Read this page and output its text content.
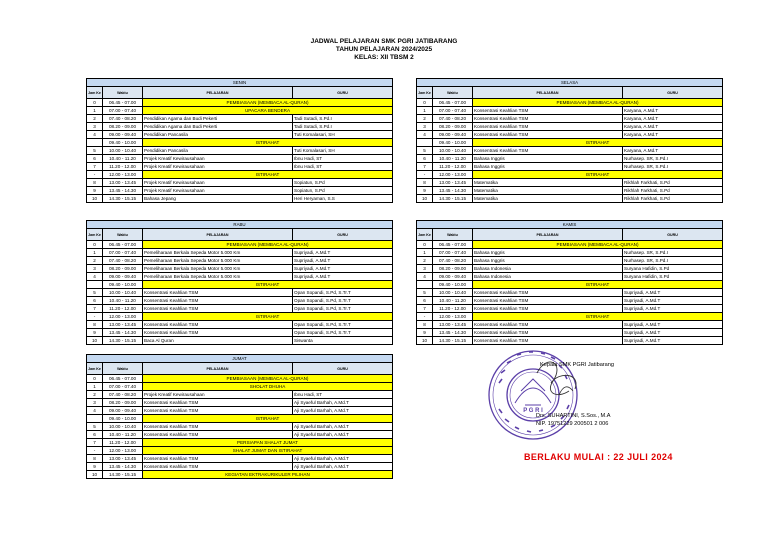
JADWAL PELAJARAN SMK PGRI JATIBARANG
TAHUN PELAJARAN 2024/2025
KELAS: XII TBSM 2
SENIN			
Jam Ke	Waktu	PELAJARAN	GURU
0	06.45 - 07.00	PEMBIASAAN (MEMBACA AL-QURAN)	
1	07.00 - 07.40	UPACARA BENDERA	
2	07.40 - 08.20	Pendidikan Agama dan Budi Pekerti	Tadi Sutadi, S.Pd.I
3	08.20 - 09.00	Pendidikan Agama dan Budi Pekerti	Tadi Sutadi, S.Pd.I
4	09.00 - 09.40	Pendidikan Pancasila	Tuti Komalasari, SH
	09.40 - 10.00	ISTIRAHAT	
5	10.00 - 10.40	Pendidikan Pancasila	Tuti Komalasari, SH
6	10.40 - 11.20	Projek Kreatif Kewirausahaan	Ibnu Hadi, ST
7	11.20 - 12.00	Projek Kreatif Kewirausahaan	Ibnu Hadi, ST
-	12.00 - 13.00	ISTIRAHAT	
8	13.00 - 13.45	Projek Kreatif Kewirausahaan	Sopiatun, S.Pd
9	13.45 - 14.30	Projek Kreatif Kewirausahaan	Sopiatun, S.Pd
10	14.30 - 15.15	Bahasa Jepang	Heri Heryaman, S.S
SELASA			
Jam Ke	Waktu	PELAJARAN	GURU
0	06.45 - 07.00	PEMBIASAAN (MEMBACA AL-QURAN)	
1	07.00 - 07.40	Konsentrasi Keahlian TSM	Karyana, A.Md.T
2	07.40 - 08.20	Konsentrasi Keahlian TSM	Karyana, A.Md.T
3	08.20 - 09.00	Konsentrasi Keahlian TSM	Karyana, A.Md.T
4	09.00 - 09.40	Konsentrasi Keahlian TSM	Karyana, A.Md.T
	09.40 - 10.00	ISTIRAHAT	
5	10.00 - 10.40	Konsentrasi Keahlian TSM	Karyana, A.Md.T
6	10.40 - 11.20	Bahasa Inggris	Nurhasep. SR, S.Pd.I
7	11.20 - 12.00	Bahasa Inggris	Nurhasep. SR, S.Pd.I
-	12.00 - 13.00	ISTIRAHAT	
8	13.00 - 13.45	Matematika	Rikhlah Farkhati, S.Pd
9	13.45 - 14.30	Matematika	Rikhlah Farkhati, S.Pd
10	14.30 - 15.15	Matematika	Rikhlah Farkhati, S.Pd
RABU			
Jam Ke	Waktu	PELAJARAN	GURU
0	06.45 - 07.00	PEMBIASAAN (MEMBACA AL-QURAN)	
1	07.00 - 07.40	Pemeliharaan Berkala Sepeda Motor 5.000 Km	Supriyadi, A.Md.T
2	07.40 - 08.20	Pemeliharaan Berkala Sepeda Motor 5.000 Km	Supriyadi, A.Md.T
3	08.20 - 09.00	Pemeliharaan Berkala Sepeda Motor 5.000 Km	Supriyadi, A.Md.T
4	09.00 - 09.40	Pemeliharaan Berkala Sepeda Motor 5.000 Km	Supriyadi, A.Md.T
	09.40 - 10.00	ISTIRAHAT	
5	10.00 - 10.40	Konsentrasi Keahlian TSM	Opan Sopandi, S.Pd, S.Tr.T
6	10.40 - 11.20	Konsentrasi Keahlian TSM	Opan Sopandi, S.Pd, S.Tr.T
7	11.20 - 12.00	Konsentrasi Keahlian TSM	Opan Sopandi, S.Pd, S.Tr.T
-	12.00 - 13.00	ISTIRAHAT	
8	13.00 - 13.45	Konsentrasi Keahlian TSM	Opan Sopandi, S.Pd, S.Tr.T
9	13.45 - 14.30	Konsentrasi Keahlian TSM	Opan Sopandi, S.Pd, S.Tr.T
10	14.30 - 15.15	Baca Al Quran	Siswanta
KAMIS			
Jam Ke	Waktu	PELAJARAN	GURU
0	06.45 - 07.00	PEMBIASAAN (MEMBACA AL-QURAN)	
1	07.00 - 07.40	Bahasa Inggris	Nurhasep. SR, S.Pd.I
2	07.40 - 08.20	Bahasa Inggris	Nurhasep. SR, S.Pd.I
3	08.20 - 09.00	Bahasa Indonesia	Suryana Hafidin, S.Pd
4	09.00 - 09.40	Bahasa Indonesia	Suryana Hafidin, S.Pd
	09.40 - 10.00	ISTIRAHAT	
5	10.00 - 10.40	Konsentrasi Keahlian TSM	Supriyadi, A.Md.T
6	10.40 - 11.20	Konsentrasi Keahlian TSM	Supriyadi, A.Md.T
7	11.20 - 12.00	Konsentrasi Keahlian TSM	Supriyadi, A.Md.T
-	12.00 - 13.00	ISTIRAHAT	
8	13.00 - 13.45	Konsentrasi Keahlian TSM	Supriyadi, A.Md.T
9	13.45 - 14.30	Konsentrasi Keahlian TSM	Supriyadi, A.Md.T
10	14.30 - 15.15	Konsentrasi Keahlian TSM	Supriyadi, A.Md.T
JUMAT			
Jam Ke	Waktu	PELAJARAN	GURU
0	06.45 - 07.00	PEMBIASAAN (MEMBACA AL-QURAN)	
1	07.00 - 07.40	SHOLAT DHUHA	
2	07.40 - 08.20	Projek Kreatif Kewirausahaan	Ibnu Hadi, ST
3	08.20 - 09.00	Konsentrasi Keahlian TSM	Aji Syaeful Barhah, A.Md.T
4	09.00 - 09.40	Konsentrasi Keahlian TSM	Aji Syaeful Barhah, A.Md.T
	09.40 - 10.00	ISTIRAHAT	
5	10.00 - 10.40	Konsentrasi Keahlian TSM	Aji Syaeful Barhah, A.Md.T
6	10.40 - 11.20	Konsentrasi Keahlian TSM	Aji Syaeful Barhah, A.Md.T
7	11.20 - 12.00	PERSIAPAN SHALAT JUMAT	
-	12.00 - 13.00	SHALAT JUMAT DAN ISTIRAHAT	
8	13.00 - 13.45	Konsentrasi Keahlian TSM	Aji Syaeful Barhah, A.Md.T
9	13.45 - 14.30	Konsentrasi Keahlian TSM	Aji Syaeful Barhah, A.Md.T
10	14.30 - 15.15	KEGIATAN EKTRAKURIKULER PILIHAN	
P G R I
Kepala SMK PGRI Jatibarang
Drs. SUHARTINI, S.Sos., M.A
NIP. 19751229 200501 2 006
BERLAKU MULAI : 22 JULI 2024
